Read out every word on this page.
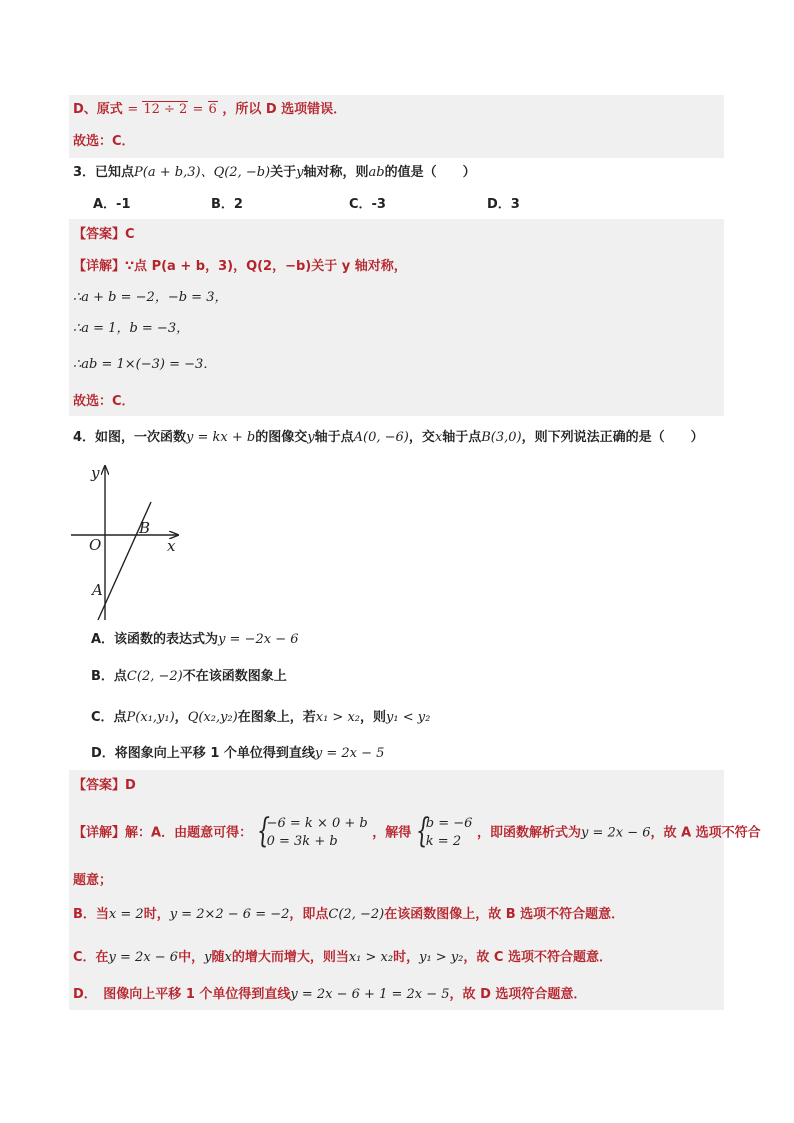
D、原式 = 12 ÷ 2 = 6 ，所以 D 选项错误．
故选：C．
3．已知点P(a + b,3)、Q(2, −b)关于y轴对称，则ab的值是（　　）
A．-1	B．2	C．-3	D．3
【答案】C
【详解】∵点 P(a + b，3)，Q(2，−b)关于 y 轴对称，
∴a + b = −2，−b = 3，
∴a = 1，b = −3，
∴ab = 1×(−3) = −3．
故选：C．
4．如图，一次函数y = kx + b的图像交y轴于点A(0, −6)，交x轴于点B(3,0)，则下列说法正确的是（　　）
y
x
O
A
B
A．该函数的表达式为y = −2x − 6
B．点C(2, −2)不在该函数图象上
C．点P(x₁,y₁)，Q(x₂,y₂)在图象上，若x₁ > x₂，则y₁ < y₂
D．将图象向上平移 1 个单位得到直线y = 2x − 5
【答案】D
【详解】解：A．由题意可得： {
−6 = k × 0 + b
0 = 3k + b
，解得 {
b = −6
k = 2
，即函数解析式为y = 2x − 6，故 A 选项不符合
题意；
B．当x = 2时，y = 2×2 − 6 = −2，即点C(2, −2)在该函数图像上，故 B 选项不符合题意．
C．在y = 2x − 6中，y随x的增大而增大，则当x₁ > x₂时，y₁ > y₂，故 C 选项不符合题意．
D．　图像向上平移 1 个单位得到直线y = 2x − 6 + 1 = 2x − 5，故 D 选项符合题意．
